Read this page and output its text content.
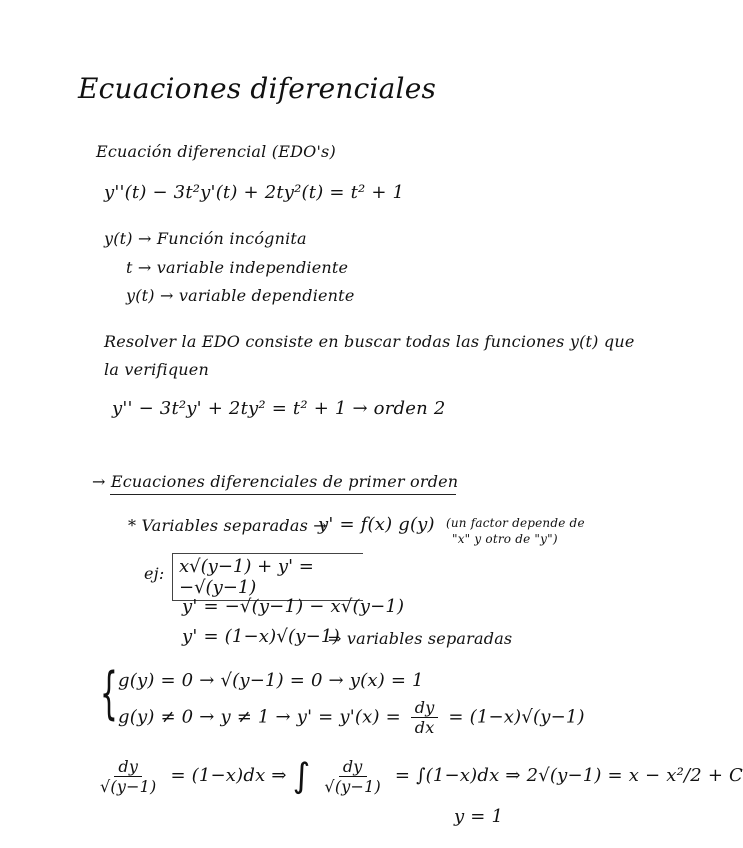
Ecuaciones diferenciales
Ecuación diferencial (EDO's)
y''(t) − 3t²y'(t) + 2ty²(t) = t² + 1
y(t) → Función incógnita
t → variable independiente
y(t) → variable dependiente
Resolver la EDO consiste en buscar todas las funciones y(t) que
la verifiquen
y'' − 3t²y' + 2ty² = t² + 1 → orden 2
→ Ecuaciones diferenciales de primer orden
* Variables separadas →
y' = f(x) g(y) (un factor depende de
"x" y otro de "y")
ej: x√(y−1) + y' = −√(y−1)
y' = −√(y−1) − x√(y−1)
y' = (1−x)√(y−1)
⇒ variables separadas
{ g(y) = 0 → √(y−1) = 0 → y(x) = 1
$g(y) \ne 0 \to y \ne 1 \to y' = y'(x) = \frac{dy}{dx} = (1-x)√(y-1)$
$\frac{dy}{√(y-1)} = (1-x)dx$ ⇒ ∫ $\frac{dy}{√(y-1)} = \int(1-x)dx$ ⇒ 2√(y−1) = x − x²/2 + C
y = 1
